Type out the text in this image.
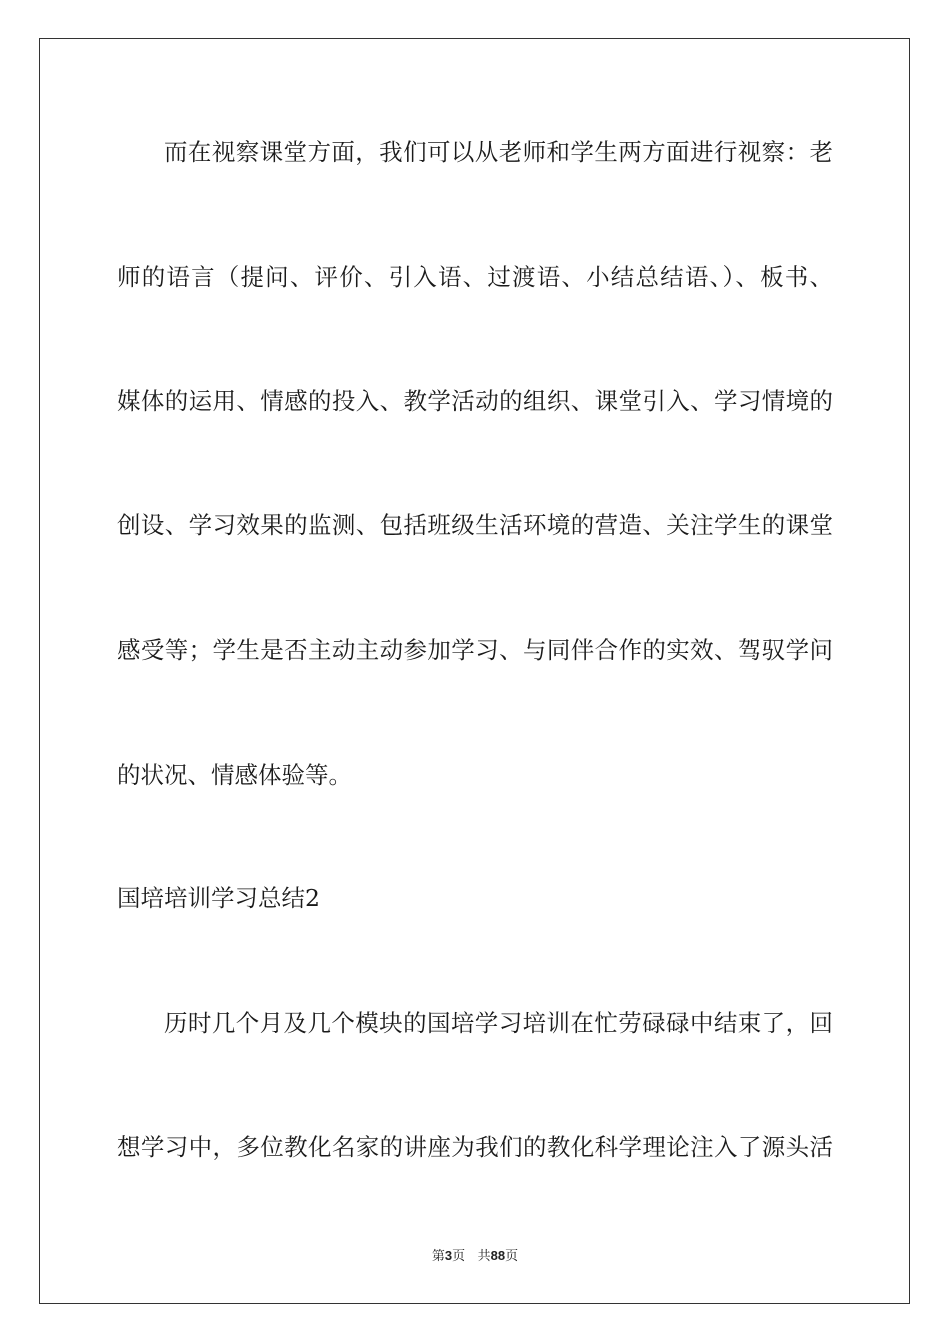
而在视察课堂方面，我们可以从老师和学生两方面进行视察：老
师的语言（提问、评价、引入语、过渡语、小结总结语、）、板书、
媒体的运用、情感的投入、教学活动的组织、课堂引入、学习情境的
创设、学习效果的监测、包括班级生活环境的营造、关注学生的课堂
感受等；学生是否主动主动参加学习、与同伴合作的实效、驾驭学问
的状况、情感体验等。
国培培训学习总结2
历时几个月及几个模块的国培学习培训在忙劳碌碌中结束了，回
想学习中，多位教化名家的讲座为我们的教化科学理论注入了源头活
第3页 共88页
